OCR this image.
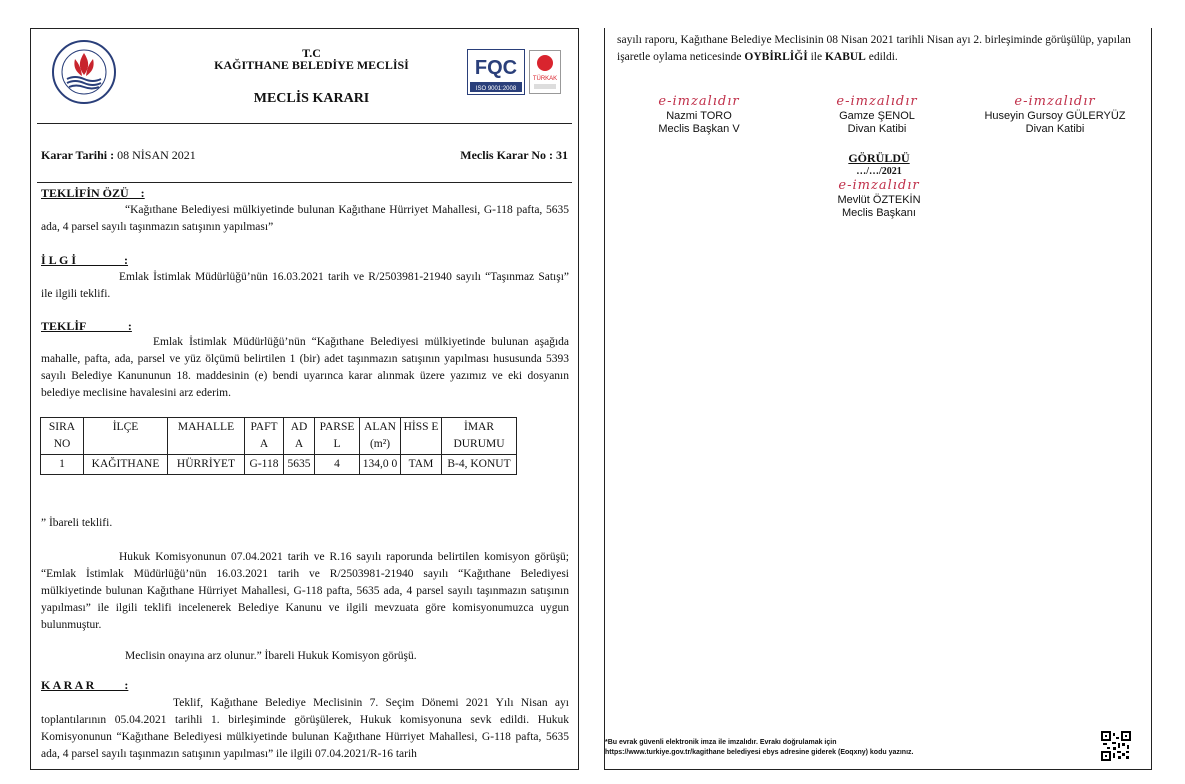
T.C
KAĞITHANE BELEDİYE MECLİSİ
MECLİS KARARI
FQC
ISO 9001:2008
TÜRKAK
Karar Tarihi : 08 NİSAN 2021	Meclis Karar No : 31
TEKLİFİN ÖZÜ    :
“Kağıthane Belediyesi mülkiyetinde bulunan Kağıthane Hürriyet Mahallesi, G-118 pafta, 5635 ada, 4 parsel sayılı taşınmazın satışının yapılması”
İ L G İ                :
Emlak İstimlak Müdürlüğü’nün 16.03.2021 tarih ve R/2503981-21940 sayılı “Taşınmaz Satışı” ile ilgili teklifi.
TEKLİF              :
Emlak İstimlak Müdürlüğü’nün “Kağıthane Belediyesi mülkiyetinde bulunan aşağıda mahalle, pafta, ada, parsel ve yüz ölçümü belirtilen 1 (bir) adet taşınmazın satışının yapılması hususunda 5393 sayılı Belediye Kanununun 18. maddesinin (e) bendi uyarınca karar alınmak üzere yazımız ve eki dosyanın belediye meclisine havalesini arz ederim.
SIRA NO	İLÇE	MAHALLE	PAFT A	AD A	PARSE L	ALAN (m²)	HİSS E	İMAR DURUMU
1	KAĞITHANE	HÜRRİYET	G-118	5635	4	134,0 0	TAM	B-4, KONUT
” İbareli teklifi.
Hukuk Komisyonunun 07.04.2021 tarih ve R.16 sayılı raporunda belirtilen komisyon görüşü; “Emlak İstimlak Müdürlüğü’nün 16.03.2021 tarih ve R/2503981-21940 sayılı “Kağıthane Belediyesi mülkiyetinde bulunan Kağıthane Hürriyet Mahallesi, G-118 pafta, 5635 ada, 4 parsel sayılı taşınmazın satışının yapılması” ile ilgili teklifi incelenerek Belediye Kanunu ve ilgili mevzuata göre komisyonumuzca uygun bulunmuştur.
Meclisin onayına arz olunur.” İbareli Hukuk Komisyon görüşü.
K A R A R          :
Teklif, Kağıthane Belediye Meclisinin 7. Seçim Dönemi 2021 Yılı Nisan ayı toplantılarının 05.04.2021 tarihli 1. birleşiminde görüşülerek, Hukuk komisyonuna sevk edildi. Hukuk Komisyonunun “Kağıthane Belediyesi mülkiyetinde bulunan Kağıthane Hürriyet Mahallesi, G-118 pafta, 5635 ada, 4 parsel sayılı taşınmazın satışının yapılması” ile ilgili 07.04.2021/R-16 tarih
sayılı raporu, Kağıthane Belediye Meclisinin 08 Nisan 2021 tarihli Nisan ayı 2. birleşiminde görüşülüp, yapılan işaretle oylama neticesinde OYBİRLİĞİ ile KABUL edildi.
e-imzalıdır
Nazmi TORO
Meclis Başkan V
e-imzalıdır
Gamze ŞENOL
Divan Katibi
e-imzalıdır
Huseyin Gursoy GÜLERYÜZ
Divan Katibi
GÖRÜLDÜ
…/…/2021
e-imzalıdır
Mevlüt ÖZTEKİN
Meclis Başkanı
*Bu evrak güvenli elektronik imza ile imzalıdır. Evrakı doğrulamak için
https://www.turkiye.gov.tr/kagithane belediyesi ebys adresine giderek (Eoqxny) kodu yazınız.
